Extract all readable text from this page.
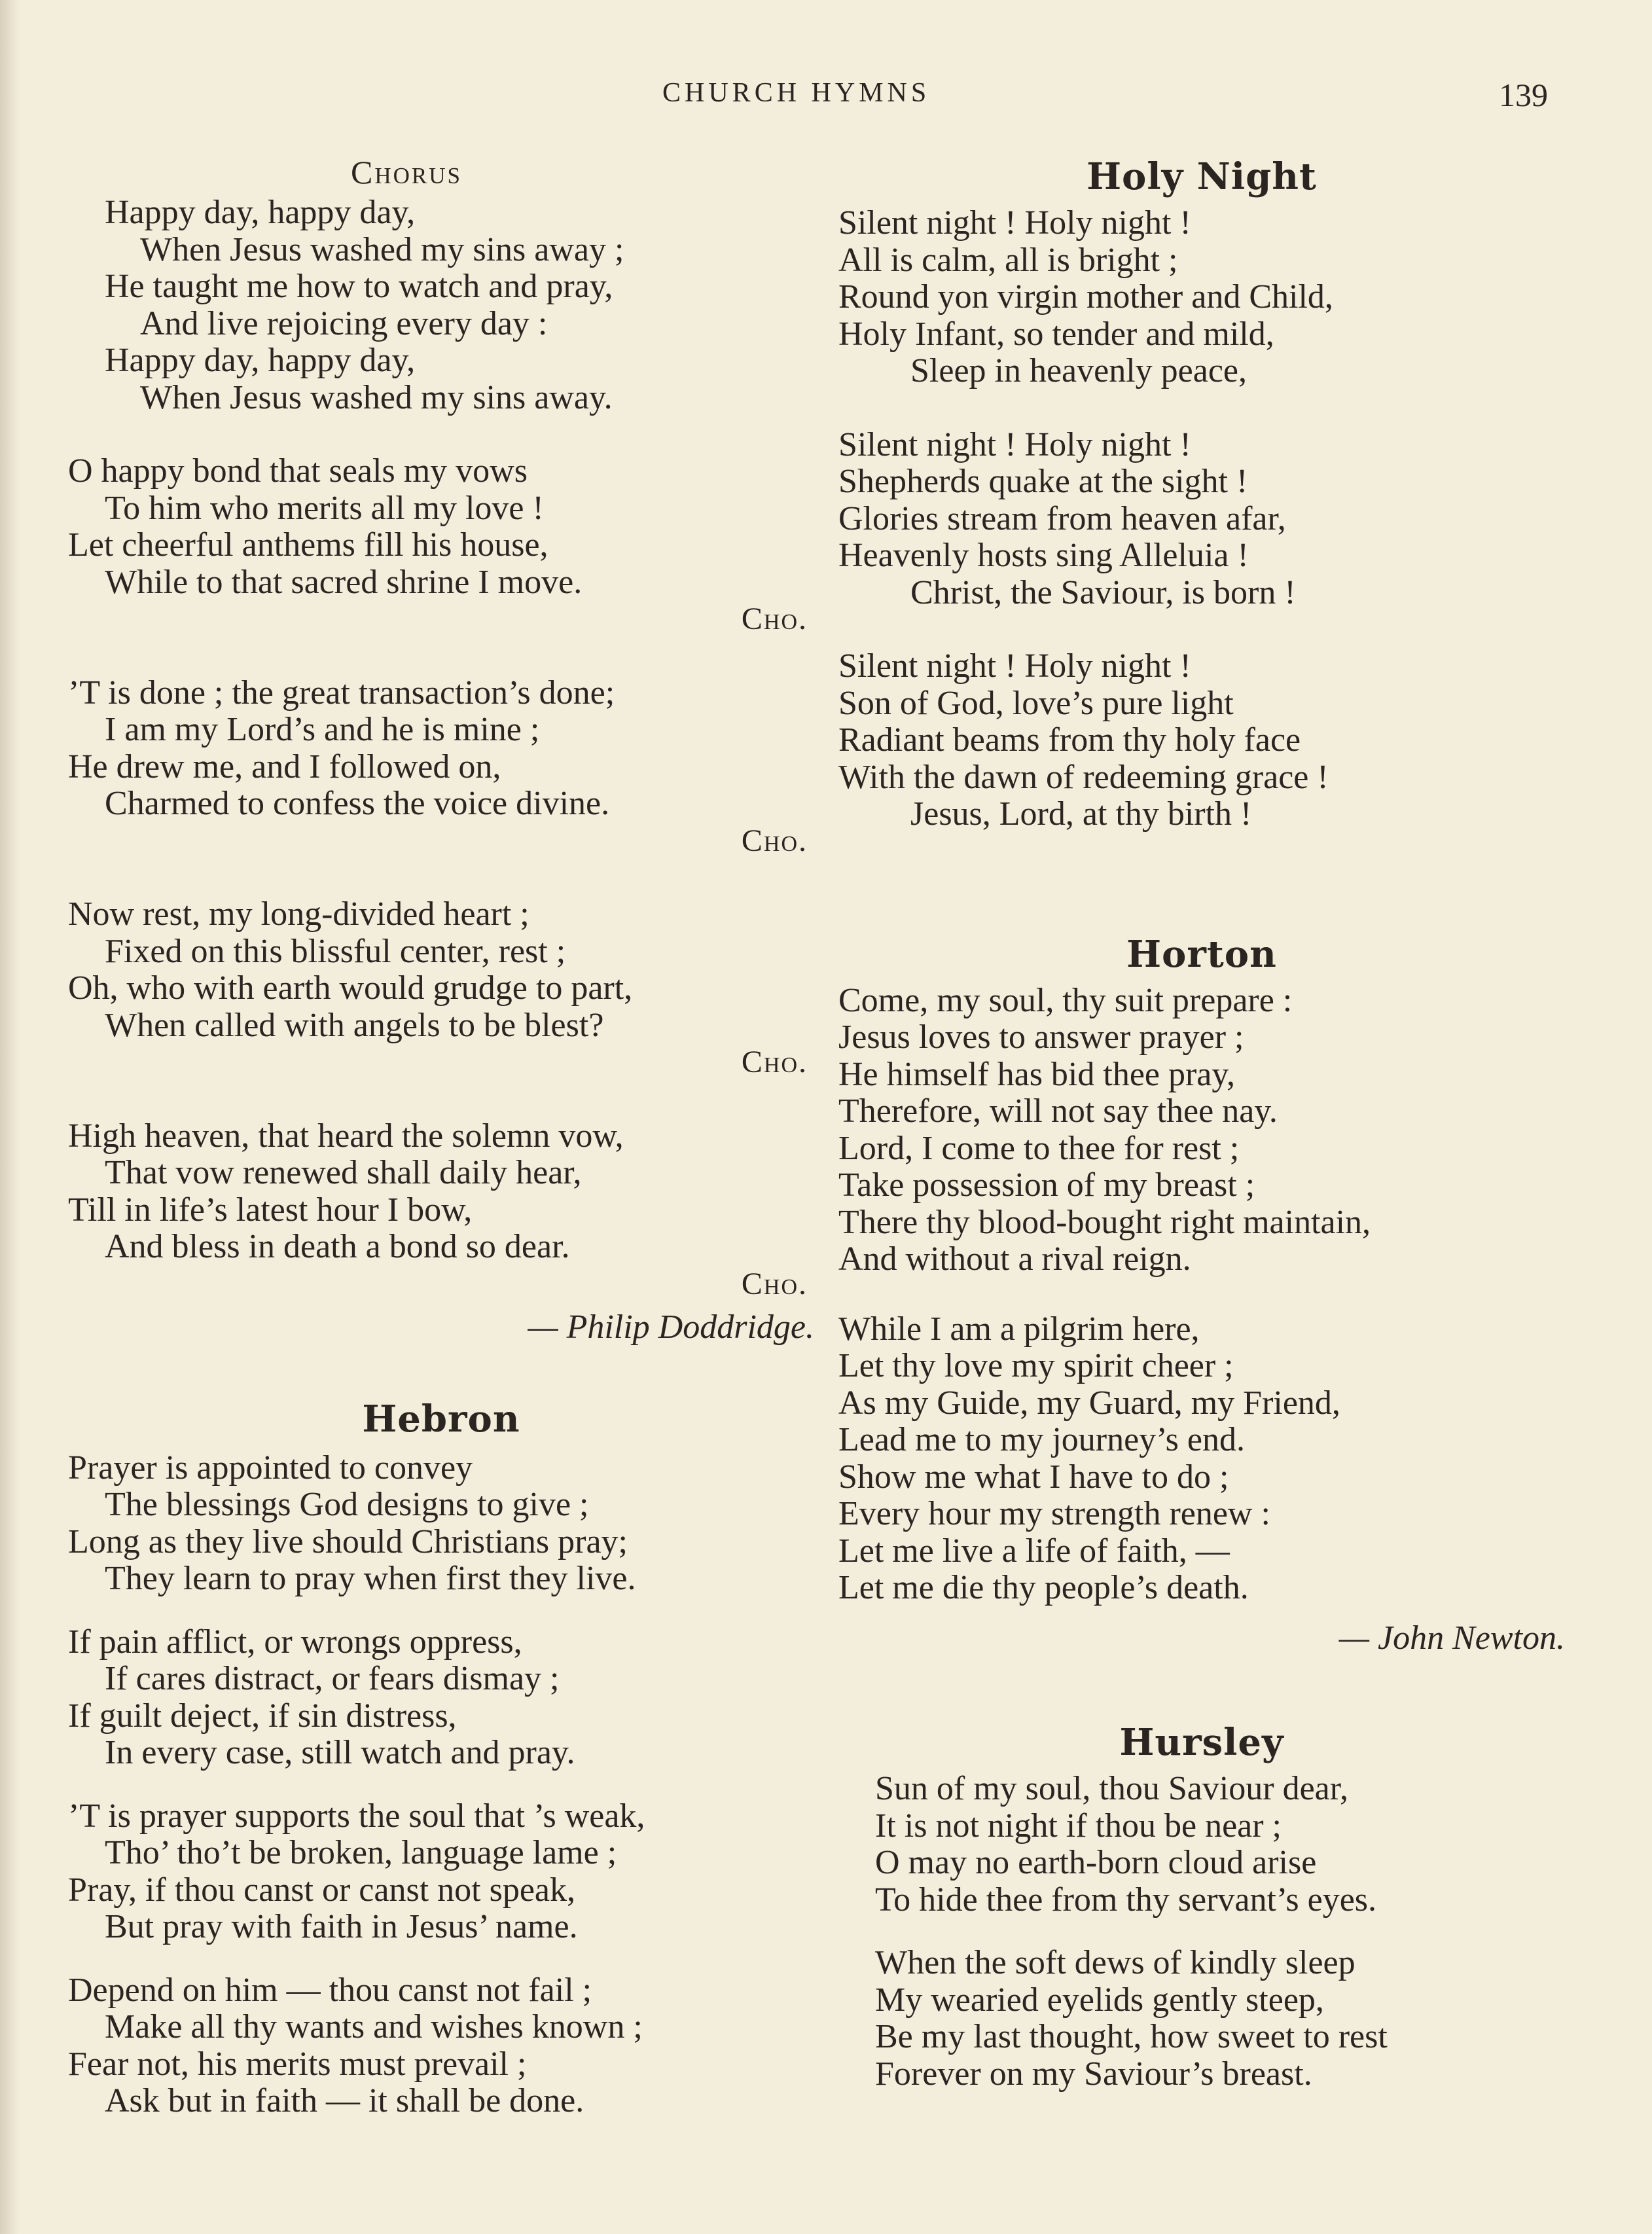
CHURCH HYMNS	139
Chorus
Happy day, happy day,
When Jesus washed my sins away ;
He taught me how to watch and pray,
And live rejoicing every day :
Happy day, happy day,
When Jesus washed my sins away.
O happy bond that seals my vows
To him who merits all my love !
Let cheerful anthems fill his house,
While to that sacred shrine I move.
Cho.
’T is done ; the great transaction’s done;
I am my Lord’s and he is mine ;
He drew me, and I followed on,
Charmed to confess the voice divine.
Cho.
Now rest, my long-divided heart ;
Fixed on this blissful center, rest ;
Oh, who with earth would grudge to part,
When called with angels to be blest?
Cho.
High heaven, that heard the solemn vow,
That vow renewed shall daily hear,
Till in life’s latest hour I bow,
And bless in death a bond so dear.
Cho.
— Philip Doddridge.
Hebron
Prayer is appointed to convey
The blessings God designs to give ;
Long as they live should Christians pray;
They learn to pray when first they live.
If pain afflict, or wrongs oppress,
If cares distract, or fears dismay ;
If guilt deject, if sin distress,
In every case, still watch and pray.
’T is prayer supports the soul that ’s weak,
Tho’ tho’t be broken, language lame ;
Pray, if thou canst or canst not speak,
But pray with faith in Jesus’ name.
Depend on him — thou canst not fail ;
Make all thy wants and wishes known ;
Fear not, his merits must prevail ;
Ask but in faith — it shall be done.
Holy Night
Silent night ! Holy night !
All is calm, all is bright ;
Round yon virgin mother and Child,
Holy Infant, so tender and mild,
Sleep in heavenly peace,
Silent night ! Holy night !
Shepherds quake at the sight !
Glories stream from heaven afar,
Heavenly hosts sing Alleluia !
Christ, the Saviour, is born !
Silent night ! Holy night !
Son of God, love’s pure light
Radiant beams from thy holy face
With the dawn of redeeming grace !
Jesus, Lord, at thy birth !
Horton
Come, my soul, thy suit prepare :
Jesus loves to answer prayer ;
He himself has bid thee pray,
Therefore, will not say thee nay.
Lord, I come to thee for rest ;
Take possession of my breast ;
There thy blood-bought right maintain,
And without a rival reign.
While I am a pilgrim here,
Let thy love my spirit cheer ;
As my Guide, my Guard, my Friend,
Lead me to my journey’s end.
Show me what I have to do ;
Every hour my strength renew :
Let me live a life of faith, —
Let me die thy people’s death.
— John Newton.
Hursley
Sun of my soul, thou Saviour dear,
It is not night if thou be near ;
O may no earth-born cloud arise
To hide thee from thy servant’s eyes.
When the soft dews of kindly sleep
My wearied eyelids gently steep,
Be my last thought, how sweet to rest
Forever on my Saviour’s breast.
